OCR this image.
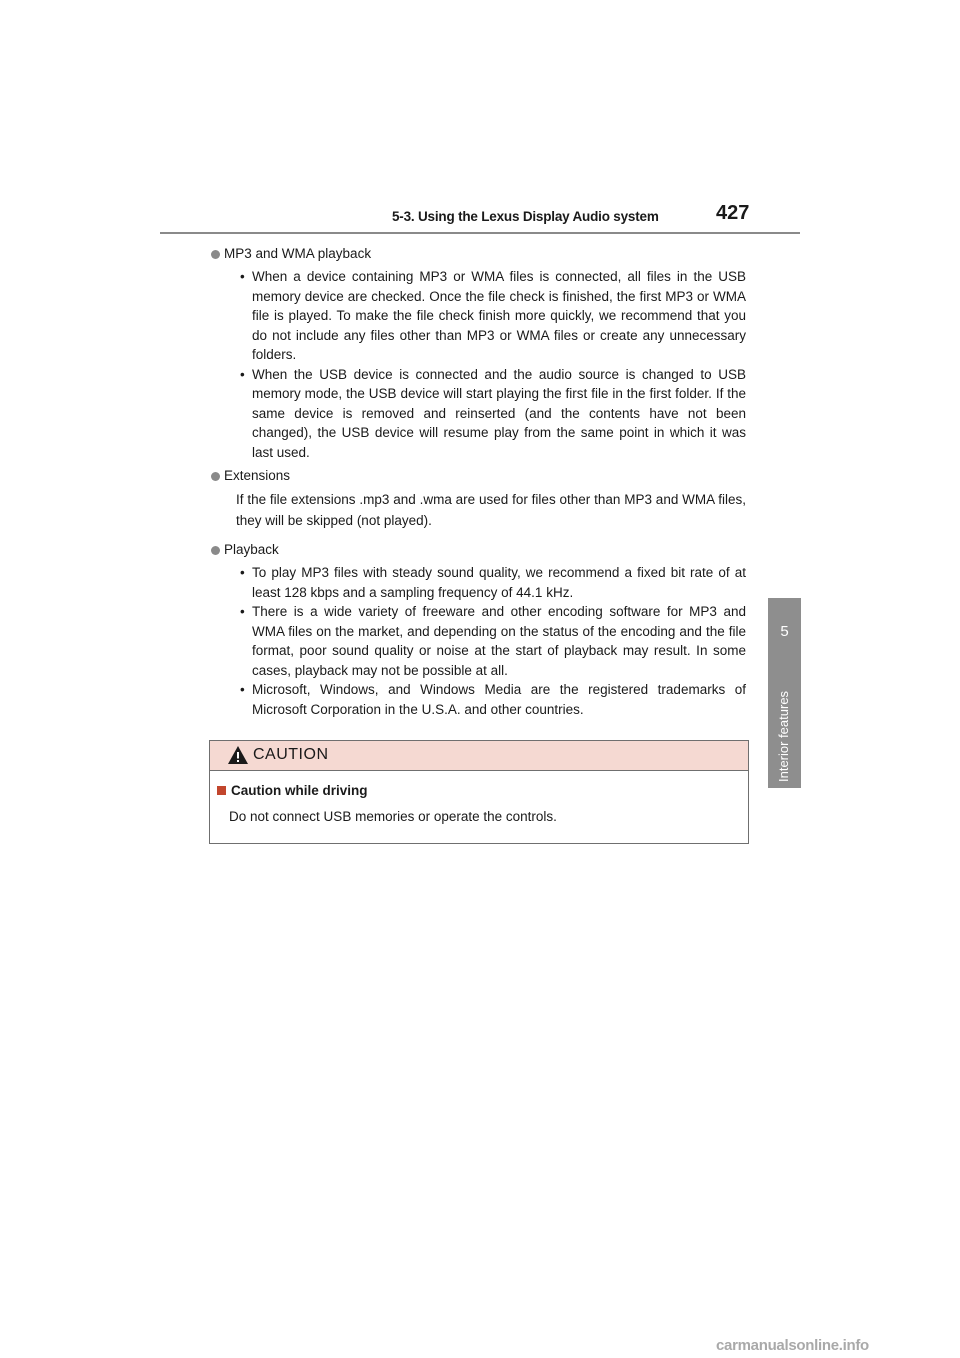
5-3. Using the Lexus Display Audio system	427
5
Interior features
MP3 and WMA playback
• When a device containing MP3 or WMA files is connected, all files in the USB memory device are checked. Once the file check is finished, the first MP3 or WMA file is played. To make the file check finish more quickly, we recommend that you do not include any files other than MP3 or WMA files or create any unnecessary folders.
• When the USB device is connected and the audio source is changed to USB memory mode, the USB device will start playing the first file in the first folder. If the same device is removed and reinserted (and the contents have not been changed), the USB device will resume play from the same point in which it was last used.
Extensions
If the file extensions .mp3 and .wma are used for files other than MP3 and WMA files, they will be skipped (not played).
Playback
• To play MP3 files with steady sound quality, we recommend a fixed bit rate of at least 128 kbps and a sampling frequency of 44.1 kHz.
• There is a wide variety of freeware and other encoding software for MP3 and WMA files on the market, and depending on the status of the encoding and the file format, poor sound quality or noise at the start of playback may result. In some cases, playback may not be possible at all.
• Microsoft, Windows, and Windows Media are the registered trademarks of Microsoft Corporation in the U.S.A. and other countries.
CAUTION
Caution while driving
Do not connect USB memories or operate the controls.
carmanualsonline.info
